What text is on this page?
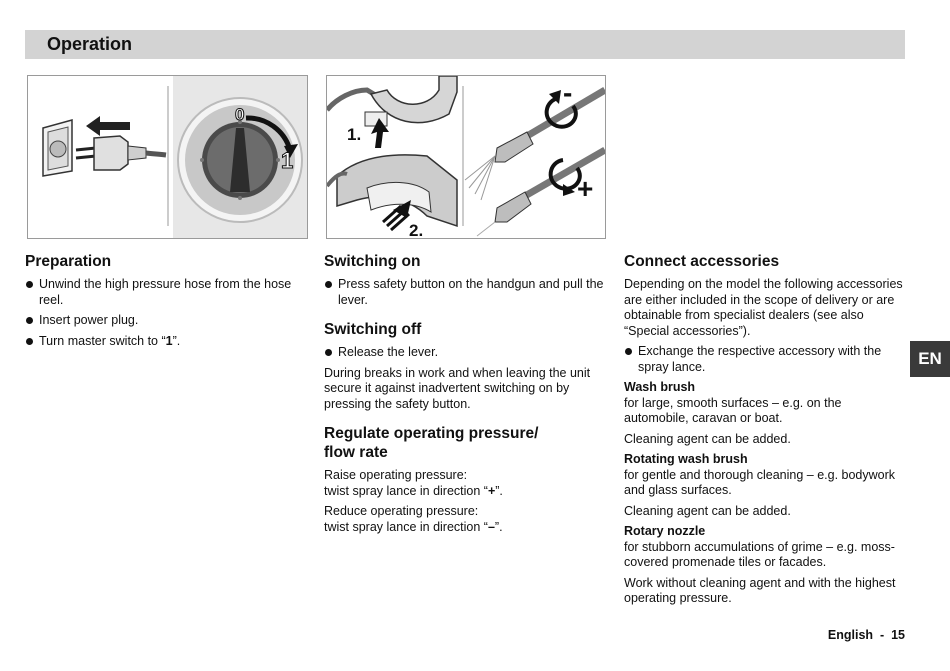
Operation
0
1
1.
2.
-
+
Preparation
Unwind the high pressure hose from the hose reel.
Insert power plug.
Turn master switch to “1”.
Switching on
Press safety button on the handgun and pull the lever.
Switching off
Release the lever.

During breaks in work and when leaving the unit secure it against inadvertent switching on by pressing the safety button.

Regulate operating pressure/ flow rate

Raise operating pressure:
twist spray lance in direction “+”.

Reduce operating pressure:
twist spray lance in direction “–”.

Connect accessories

Depending on the model the following accessories are either included in the scope of delivery or are obtainable from specialist dealers (see also “Special accessories”).

Exchange the respective accessory with the spray lance.
Wash brush

for large, smooth surfaces – e.g. on the automobile, caravan or boat.

Cleaning agent can be added.

Rotating wash brush

for gentle and thorough cleaning – e.g. bodywork and glass surfaces.

Cleaning agent can be added.

Rotary nozzle

for stubborn accumulations of grime – e.g. moss-covered promenade tiles or facades.

Work without cleaning agent and with the highest operating pressure.

EN
English  -  15
